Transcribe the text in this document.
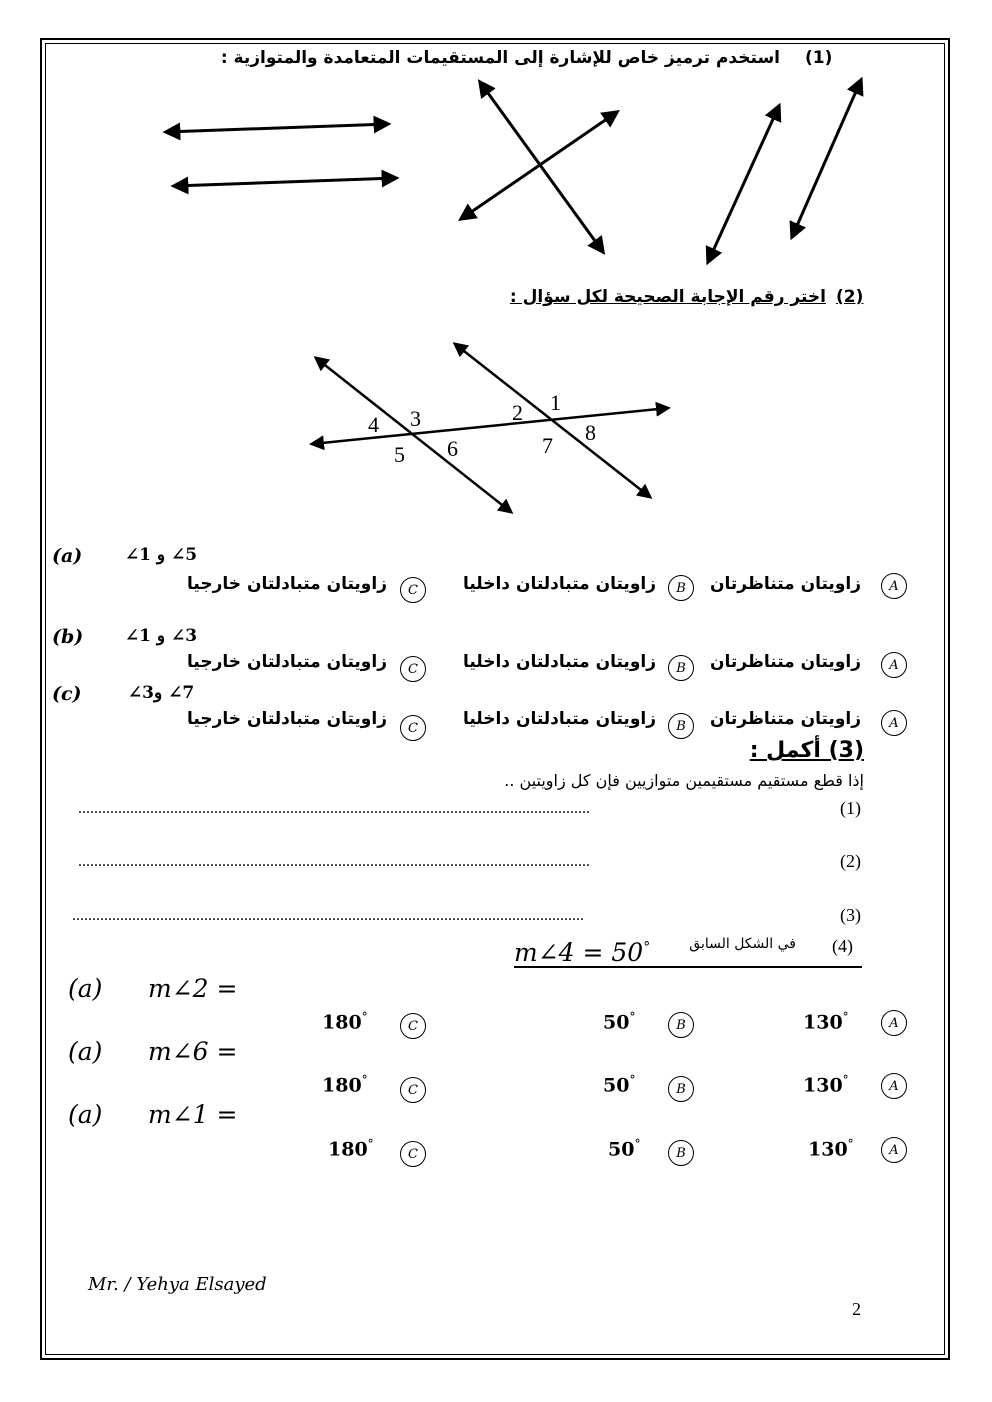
(1)
استخدم ترميز خاص للإشارة إلى المستقيمات المتعامدة والمتوازية :
(2)
اختر رقم الإجابة الصحيحة لكل سؤال :
1
2
3
4
5 6	7
8
(a)	5∠ و 1∠
A
زاويتان متناظرتان
B
زاويتان متبادلتان داخليا
C
زاويتان متبادلتان خارجيا
(b) 3∠ و 1∠
A
زاويتان متناظرتان
B
زاويتان متبادلتان داخليا
C
زاويتان متبادلتان خارجيا
(c)	7∠ و3∠
A
زاويتان متناظرتان
B
زاويتان متبادلتان داخليا
C
زاويتان متبادلتان خارجيا
(3) أكمل :
إذا قطع مستقيم مستقيمين متوازيين فإن كل زاويتين ..
(1)
................................................................................................................................
(2)
................................................................................................................................
(3)
................................................................................................................................
(4)
في الشكل السابق
m∠4 = 50°
(a) m∠2 =
A
130°
B
50°
C
180°
(a) m∠6 =
A
130°
B
50°
C
180°
(a) m∠1 =
A
130°
B
50°
C
180°
Mr. / Yehya Elsayed
2
